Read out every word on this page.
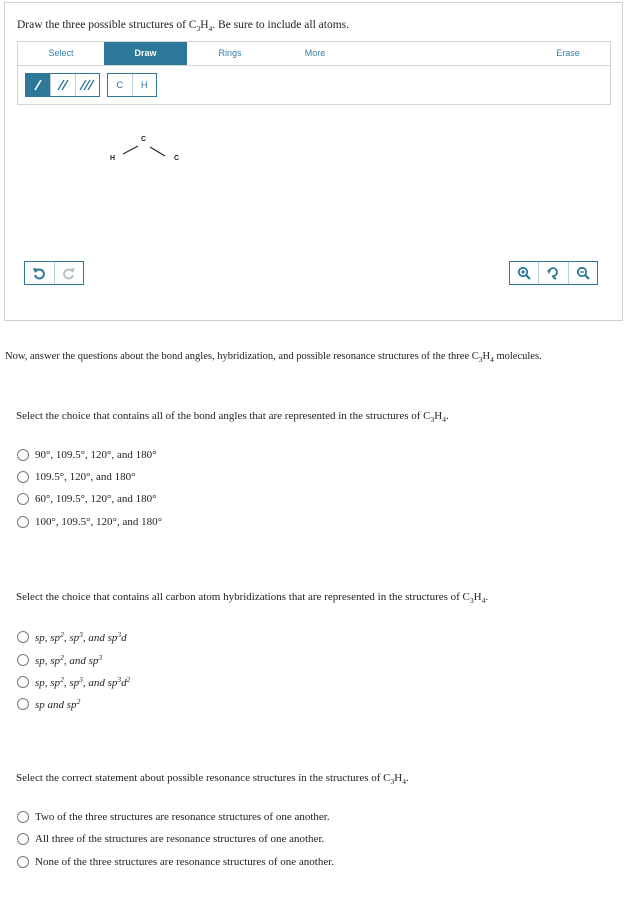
Draw the three possible structures of $C_3H_4$. Be sure to include all atoms.
Select	Draw	Rings	More	Erase
C	H
C
H	C
Now, answer the questions about the bond angles, hybridization, and possible resonance structures of the three $C_3H_4$ molecules.
Select the choice that contains all of the bond angles that are represented in the structures of $C_3H_4$.
90°, 109.5°, 120°, and 180°
109.5°, 120°, and 180°
60°, 109.5°, 120°, and 180°
100°, 109.5°, 120°, and 180°
Select the choice that contains all carbon atom hybridizations that are represented in the structures of $C_3H_4$.
sp, $sp^2$, $sp^3$, and $sp^3d$
sp, $sp^2$, and $sp^3$
sp, $sp^2$, $sp^3$, and $sp^3d^2$
sp and $sp^2$
Select the correct statement about possible resonance structures in the structures of $C_3H_4$.
Two of the three structures are resonance structures of one another.
All three of the structures are resonance structures of one another.
None of the three structures are resonance structures of one another.
